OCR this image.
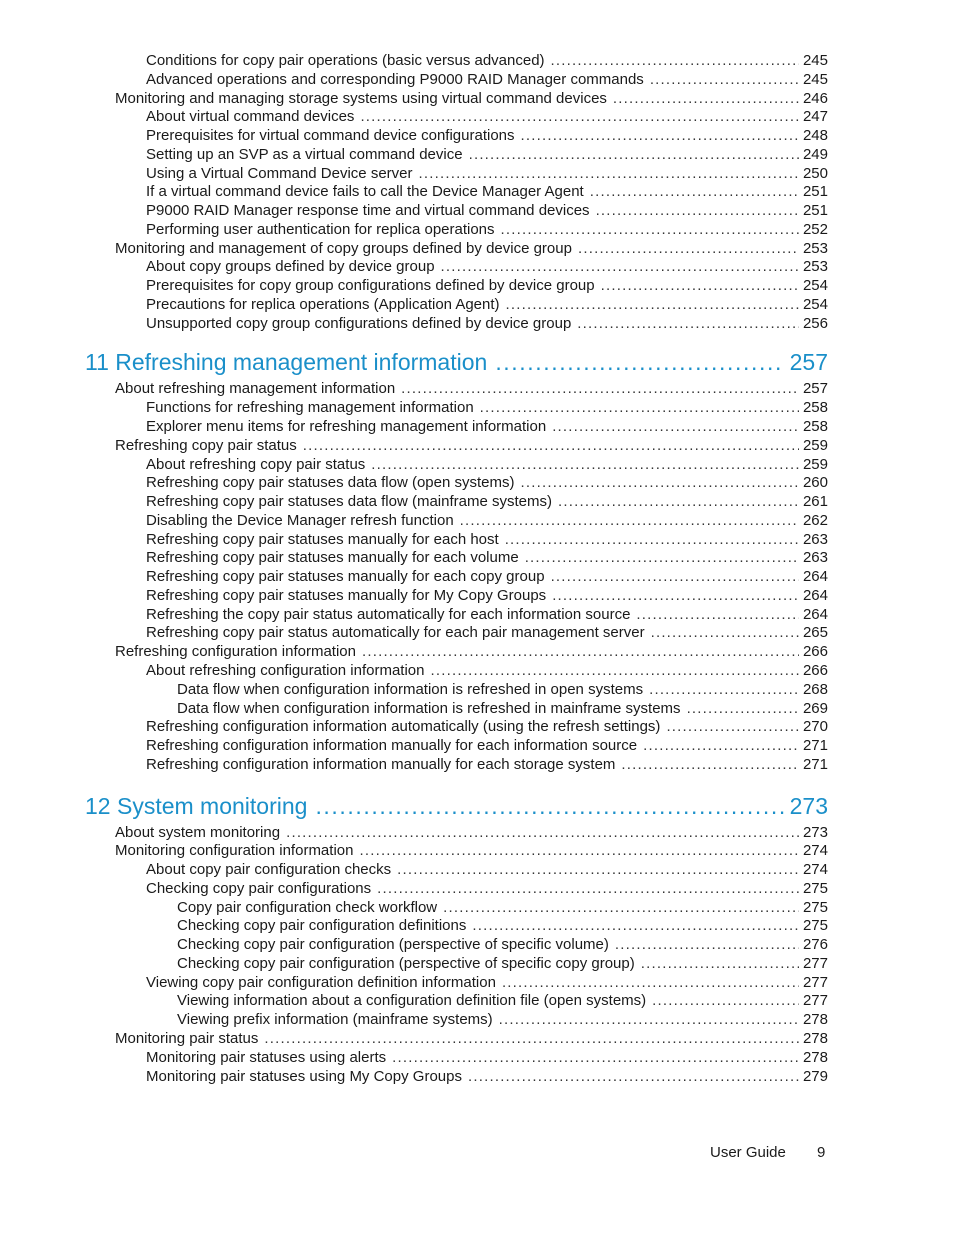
Conditions for copy pair operations (basic versus advanced) .....	245
Advanced operations and corresponding P9000 RAID Manager commands .....	245
Monitoring and managing storage systems using virtual command devices .....	246
About virtual command devices .....	247
Prerequisites for virtual command device configurations .....	248
Setting up an SVP as a virtual command device .....	249
Using a Virtual Command Device server .....	250
If a virtual command device fails to call the Device Manager Agent .....	251
P9000 RAID Manager response time and virtual command devices .....	251
Performing user authentication for replica operations .....	252
Monitoring and management of copy groups defined by device group .....	253
About copy groups defined by device group .....	253
Prerequisites for copy group configurations defined by device group .....	254
Precautions for replica operations (Application Agent) .....	254
Unsupported copy group configurations defined by device group .....	256
11 Refreshing management information .....	257
About refreshing management information .....	257
Functions for refreshing management information .....	258
Explorer menu items for refreshing management information .....	258
Refreshing copy pair status .....	259
About refreshing copy pair status .....	259
Refreshing copy pair statuses data flow (open systems) .....	260
Refreshing copy pair statuses data flow (mainframe systems) .....	261
Disabling the Device Manager refresh function .....	262
Refreshing copy pair statuses manually for each host .....	263
Refreshing copy pair statuses manually for each volume .....	263
Refreshing copy pair statuses manually for each copy group .....	264
Refreshing copy pair statuses manually for My Copy Groups .....	264
Refreshing the copy pair status automatically for each information source .....	264
Refreshing copy pair status automatically for each pair management server .....	265
Refreshing configuration information .....	266
About refreshing configuration information .....	266
Data flow when configuration information is refreshed in open systems .....	268
Data flow when configuration information is refreshed in mainframe systems .....	269
Refreshing configuration information automatically (using the refresh settings) .....	270
Refreshing configuration information manually for each information source .....	271
Refreshing configuration information manually for each storage system .....	271
12 System monitoring .....	273
About system monitoring .....	273
Monitoring configuration information .....	274
About copy pair configuration checks .....	274
Checking copy pair configurations .....	275
Copy pair configuration check workflow .....	275
Checking copy pair configuration definitions .....	275
Checking copy pair configuration (perspective of specific volume) .....	276
Checking copy pair configuration (perspective of specific copy group) .....	277
Viewing copy pair configuration definition information .....	277
Viewing information about a configuration definition file (open systems) .....	277
Viewing prefix information (mainframe systems) .....	278
Monitoring pair status .....	278
Monitoring pair statuses using alerts .....	278
Monitoring pair statuses using My Copy Groups .....	279
User Guide 9
